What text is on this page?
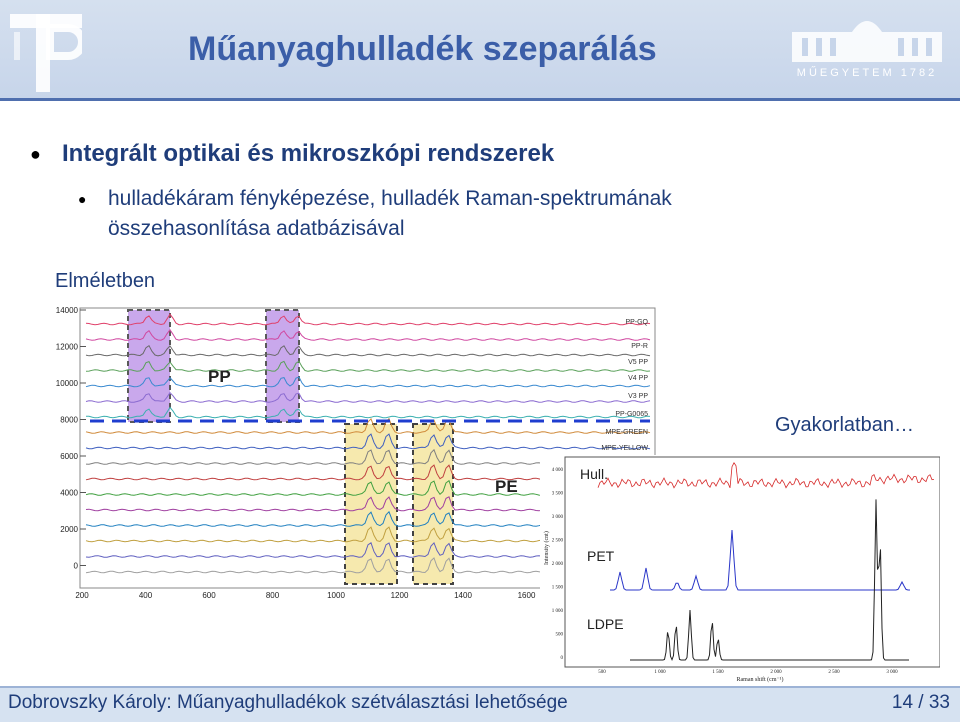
Műanyaghulladék szeparálás
MŰEGYETEM 1782
● Integrált optikai és mikroszkópi rendszerek
● hulladékáram fényképezése, hulladék Raman-spektrumának
összehasonlítása adatbázisával
Elméletben
Gyakorlatban…
14000
12000
10000
8000
6000
4000
2000
0
200	400	600	800	1000	1200	1400	1600
PP-GQ
PP-R
V5 PP
V4 PP
V3 PP
PP-G0065
MPE-GREEN
MPE-YELLOW
PP
PE
4 000
3 500
3 000
2 500
2 000
1 500
1 000
500
0
500	1 000	1 500	2 000	2 500	3 000
Hull.
PET
LDPE
Intensity (cnt)
Raman shift (cm⁻¹)
Dobrovszky Károly: Műanyaghulladékok szétválasztási lehetősége	14 / 33
